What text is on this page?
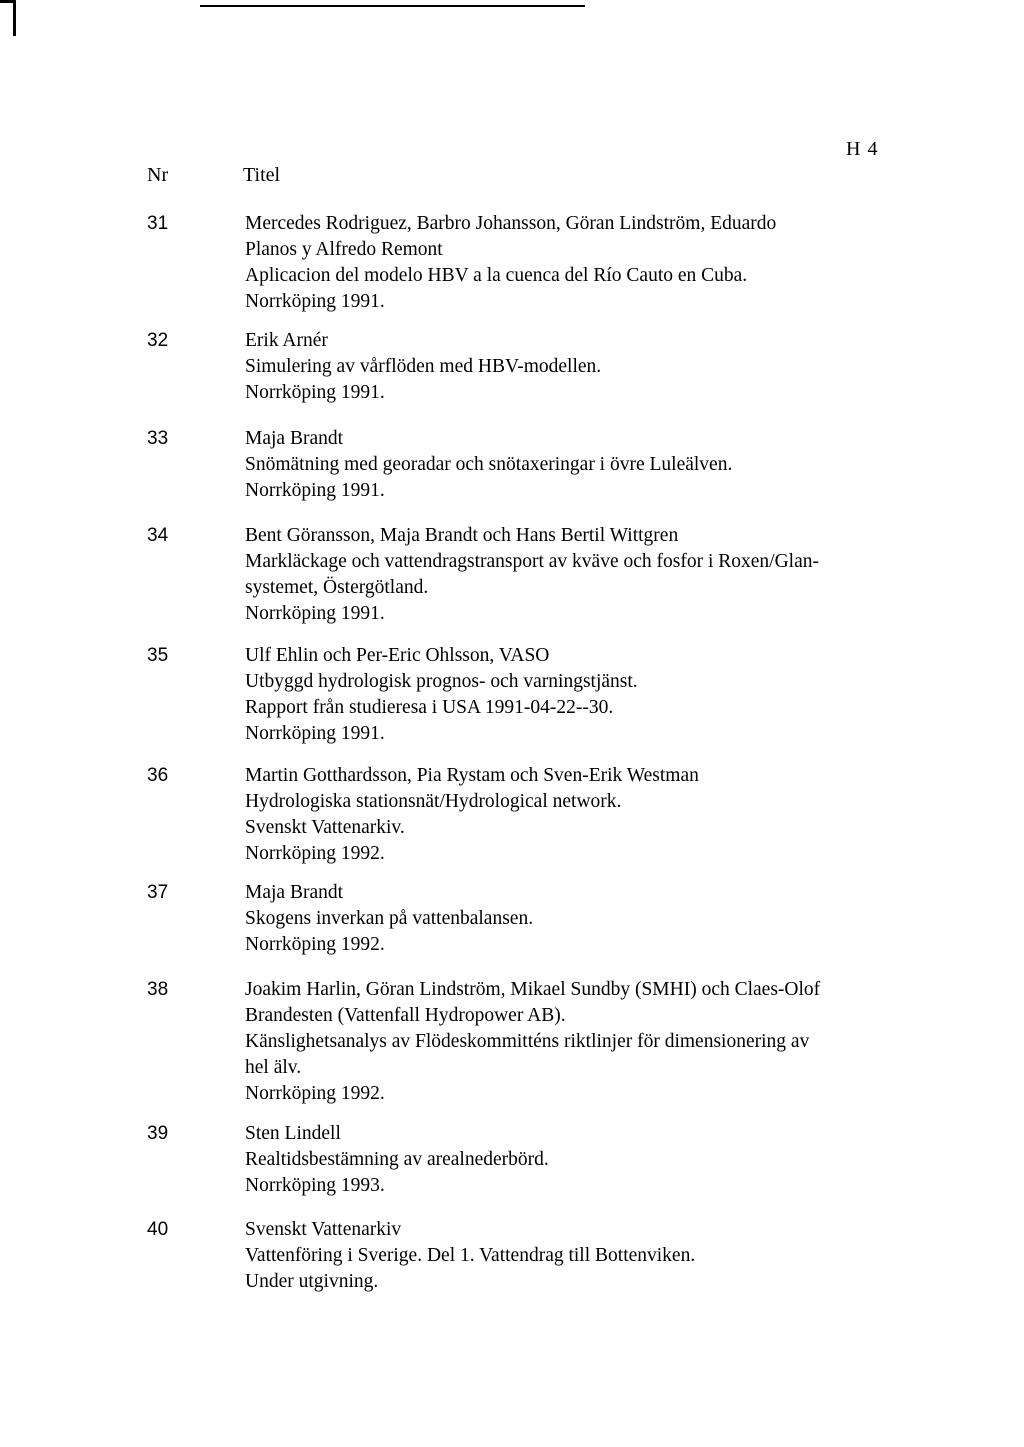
H 4
Nr	Titel
31	Mercedes Rodriguez, Barbro Johansson, Göran Lindström, Eduardo
Planos y Alfredo Remont
Aplicacion del modelo HBV a la cuenca del Río Cauto en Cuba.
Norrköping 1991.
32	Erik Arnér
Simulering av vårflöden med HBV-modellen.
Norrköping 1991.
33	Maja Brandt
Snömätning med georadar och snötaxeringar i övre Luleälven.
Norrköping 1991.
34	Bent Göransson, Maja Brandt och Hans Bertil Wittgren
Markläckage och vattendragstransport av kväve och fosfor i Roxen/Glan-
systemet, Östergötland.
Norrköping 1991.
35	Ulf Ehlin och Per-Eric Ohlsson, VASO
Utbyggd hydrologisk prognos- och varningstjänst.
Rapport från studieresa i USA 1991-04-22--30.
Norrköping 1991.
36	Martin Gotthardsson, Pia Rystam och Sven-Erik Westman
Hydrologiska stationsnät/Hydrological network.
Svenskt Vattenarkiv.
Norrköping 1992.
37	Maja Brandt
Skogens inverkan på vattenbalansen.
Norrköping 1992.
38	Joakim Harlin, Göran Lindström, Mikael Sundby (SMHI) och Claes-Olof
Brandesten (Vattenfall Hydropower AB).
Känslighetsanalys av Flödeskommitténs riktlinjer för dimensionering av
hel älv.
Norrköping 1992.
39	Sten Lindell
Realtidsbestämning av arealnederbörd.
Norrköping 1993.
40	Svenskt Vattenarkiv
Vattenföring i Sverige. Del 1. Vattendrag till Bottenviken.
Under utgivning.
